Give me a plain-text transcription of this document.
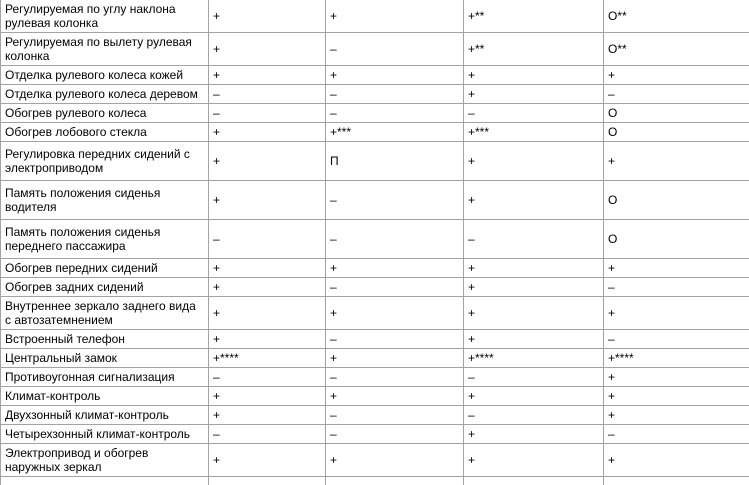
Регулируемая по углу наклона рулевая колонка	+	+	+**	О**
Регулируемая по вылету рулевая колонка	+	–	+**	О**
Отделка рулевого колеса кожей	+	+	+	+
Отделка рулевого колеса деревом	–	–	+	–
Обогрев рулевого колеса	–	–	–	О
Обогрев лобового стекла	+	+***	+***	О
Регулировка передних сидений с электроприводом	+	П	+	+
Память положения сиденья водителя	+	–	+	О
Память положения сиденья переднего пассажира	–	–	–	О
Обогрев передних сидений	+	+	+	+
Обогрев задних сидений	+	–	+	–
Внутреннее зеркало заднего вида с автозатемнением	+	+	+	+
Встроенный телефон	+	–	+	–
Центральный замок	+****	+	+****	+****
Противоугонная сигнализация	–	–	–	+
Климат-контроль	+	+	+	+
Двухзонный климат-контроль	+	–	–	+
Четырехзонный климат-контроль	–	–	+	–
Электропривод и обогрев наружных зеркал	+	+	+	+
